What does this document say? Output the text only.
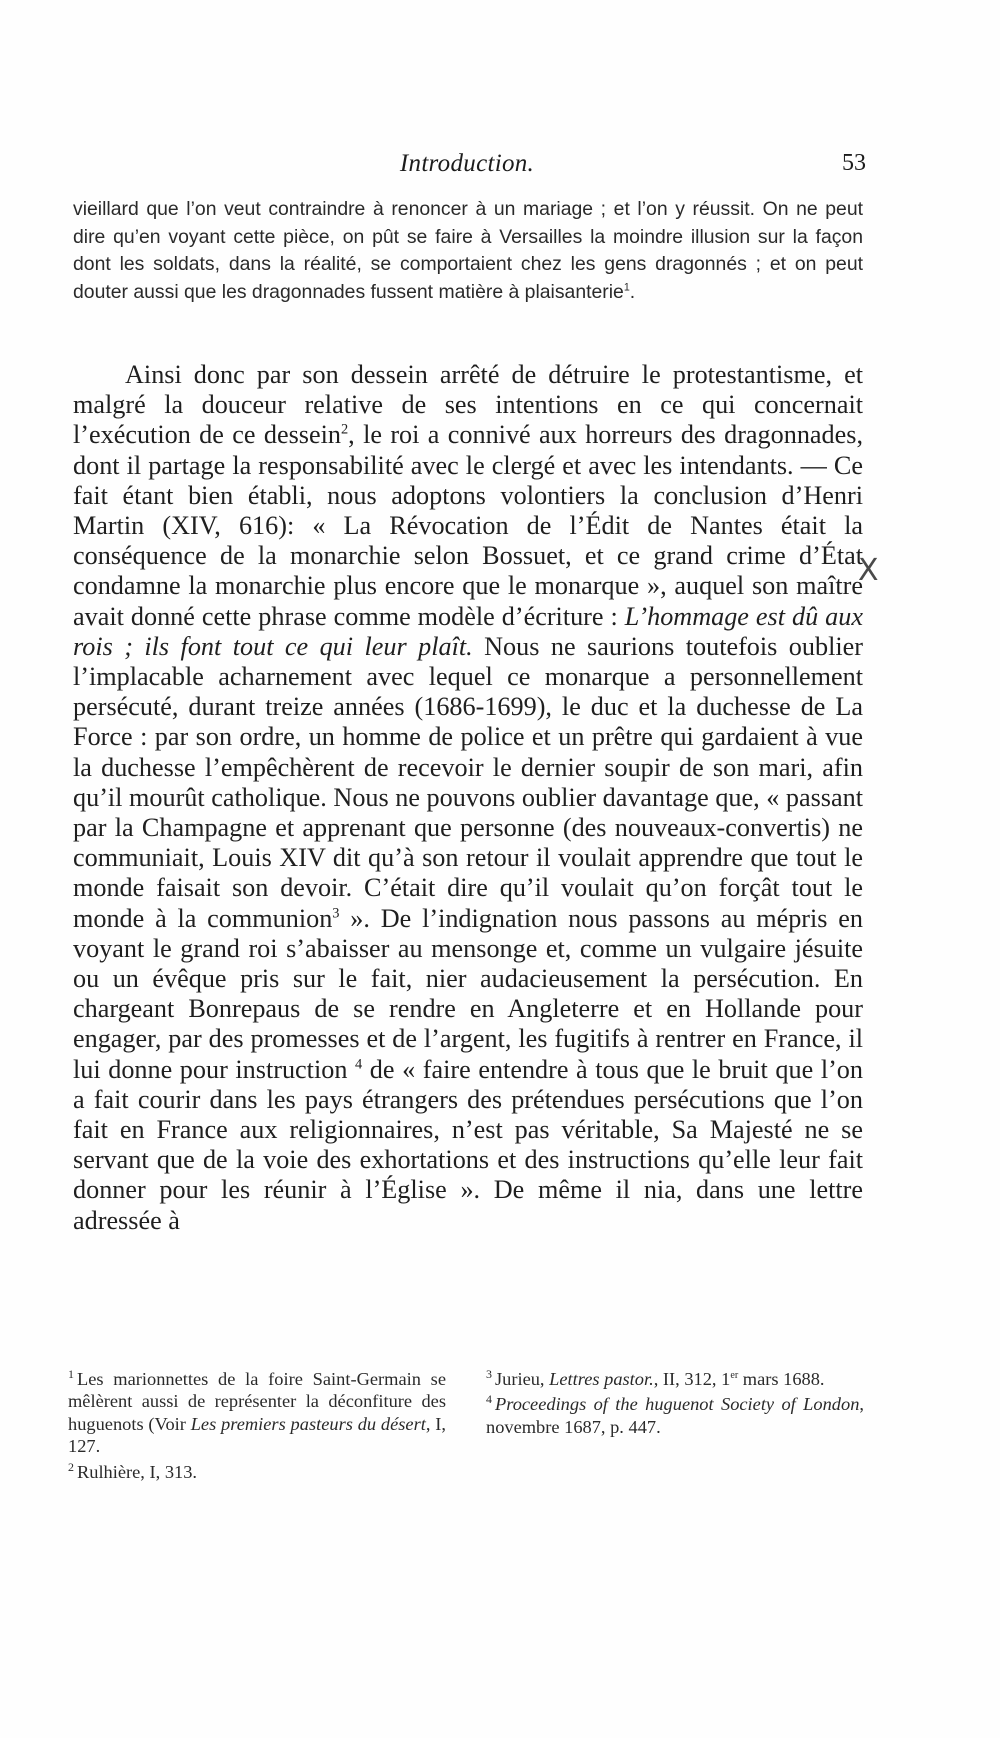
Introduction.	53

vieillard que l’on veut contraindre à renoncer à un mariage ; et l’on y réussit. On ne peut dire qu’en voyant cette pièce, on pût se faire à Versailles la moindre illusion sur la façon dont les soldats, dans la réalité, se comportaient chez les gens dragonnés ; et on peut douter aussi que les dragonnades fussent matière à plaisanterie$^1$.

Ainsi donc par son dessein arrêté de détruire le protestantisme, et malgré la douceur relative de ses intentions en ce qui concernait l’exécution de ce dessein$^2$, le roi a connivé aux horreurs des dragonnades, dont il partage la responsabilité avec le clergé et avec les intendants. — Ce fait étant bien établi, nous adoptons volontiers la conclusion d’Henri Martin (XIV, 616): « La Révocation de l’Édit de Nantes était la conséquence de la monarchie selon Bossuet, et ce grand crime d’État condamne la monarchie plus encore que le monarque », auquel son maître avait donné cette phrase comme modèle d’écriture : L’hommage est dû aux rois ; ils font tout ce qui leur plaît. Nous ne saurions toutefois oublier l’implacable acharnement avec lequel ce monarque a personnellement persécuté, durant treize années (1686-1699), le duc et la duchesse de La Force : par son ordre, un homme de police et un prêtre qui gardaient à vue la duchesse l’empêchèrent de recevoir le dernier soupir de son mari, afin qu’il mourût catholique. Nous ne pouvons oublier davantage que, « passant par la Champagne et apprenant que personne (des nouveaux-convertis) ne communiait, Louis XIV dit qu’à son retour il voulait apprendre que tout le monde faisait son devoir. C’était dire qu’il voulait qu’on forçât tout le monde à la communion$^3$ ». De l’indignation nous passons au mépris en voyant le grand roi s’abaisser au mensonge et, comme un vulgaire jésuite ou un évêque pris sur le fait, nier audacieusement la persécution. En chargeant Bonrepaus de se rendre en Angleterre et en Hollande pour engager, par des promesses et de l’argent, les fugitifs à rentrer en France, il lui donne pour instruction $^4$ de « faire entendre à tous que le bruit que l’on a fait courir dans les pays étrangers des prétendues persécutions que l’on fait en France aux religionnaires, n’est pas véritable, Sa Majesté ne se servant que de la voie des exhortations et des instructions qu’elle leur fait donner pour les réunir à l’Église ». De même il nia, dans une lettre adressée à

X

$^1$ Les marionnettes de la foire Saint-Germain se mêlèrent aussi de représenter la déconfiture des huguenots (Voir Les premiers pasteurs du désert, I, 127.

$^2$ Rulhière, I, 313.

$^3$ Jurieu, Lettres pastor., II, 312, 1er mars 1688.

$^4$ Proceedings of the huguenot Society of London, novembre 1687, p. 447.
